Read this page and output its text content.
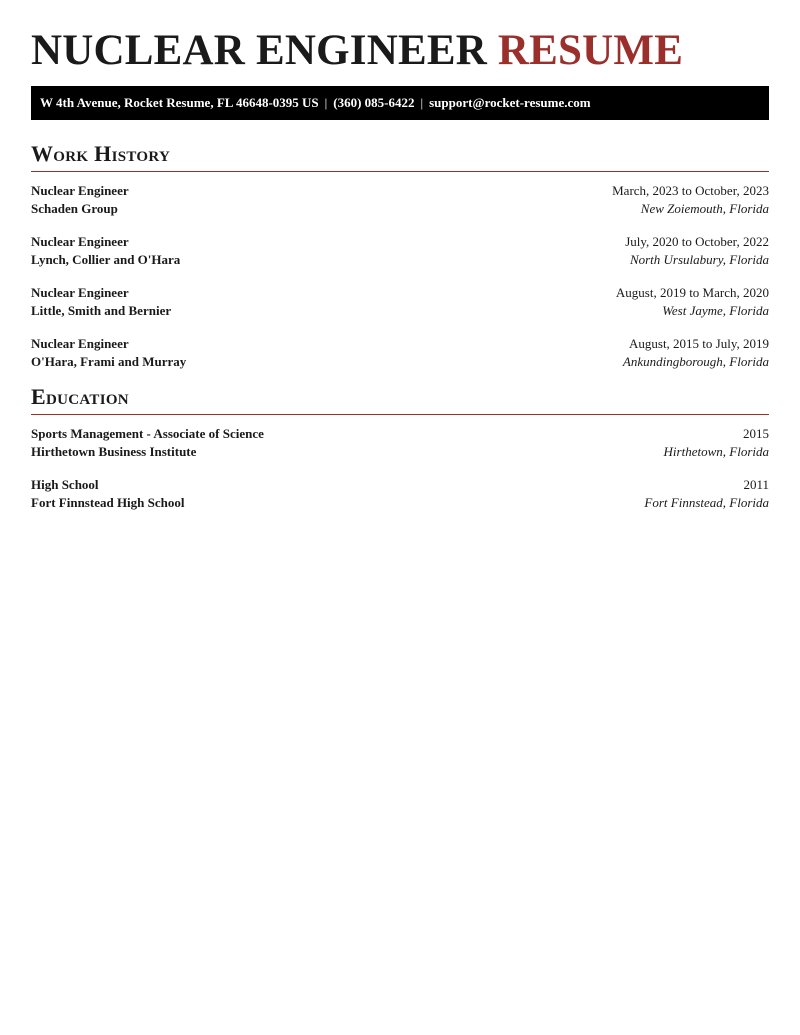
NUCLEAR ENGINEER RESUME
W 4th Avenue, Rocket Resume, FL 46648-0395 US | (360) 085-6422 | support@rocket-resume.com
Work History
Nuclear Engineer	March, 2023 to October, 2023
Schaden Group	New Zoiemouth, Florida
Nuclear Engineer	July, 2020 to October, 2022
Lynch, Collier and O'Hara	North Ursulabury, Florida
Nuclear Engineer	August, 2019 to March, 2020
Little, Smith and Bernier	West Jayme, Florida
Nuclear Engineer	August, 2015 to July, 2019
O'Hara, Frami and Murray	Ankundingborough, Florida
Education
Sports Management - Associate of Science	2015
Hirthetown Business Institute	Hirthetown, Florida
High School	2011
Fort Finnstead High School	Fort Finnstead, Florida
